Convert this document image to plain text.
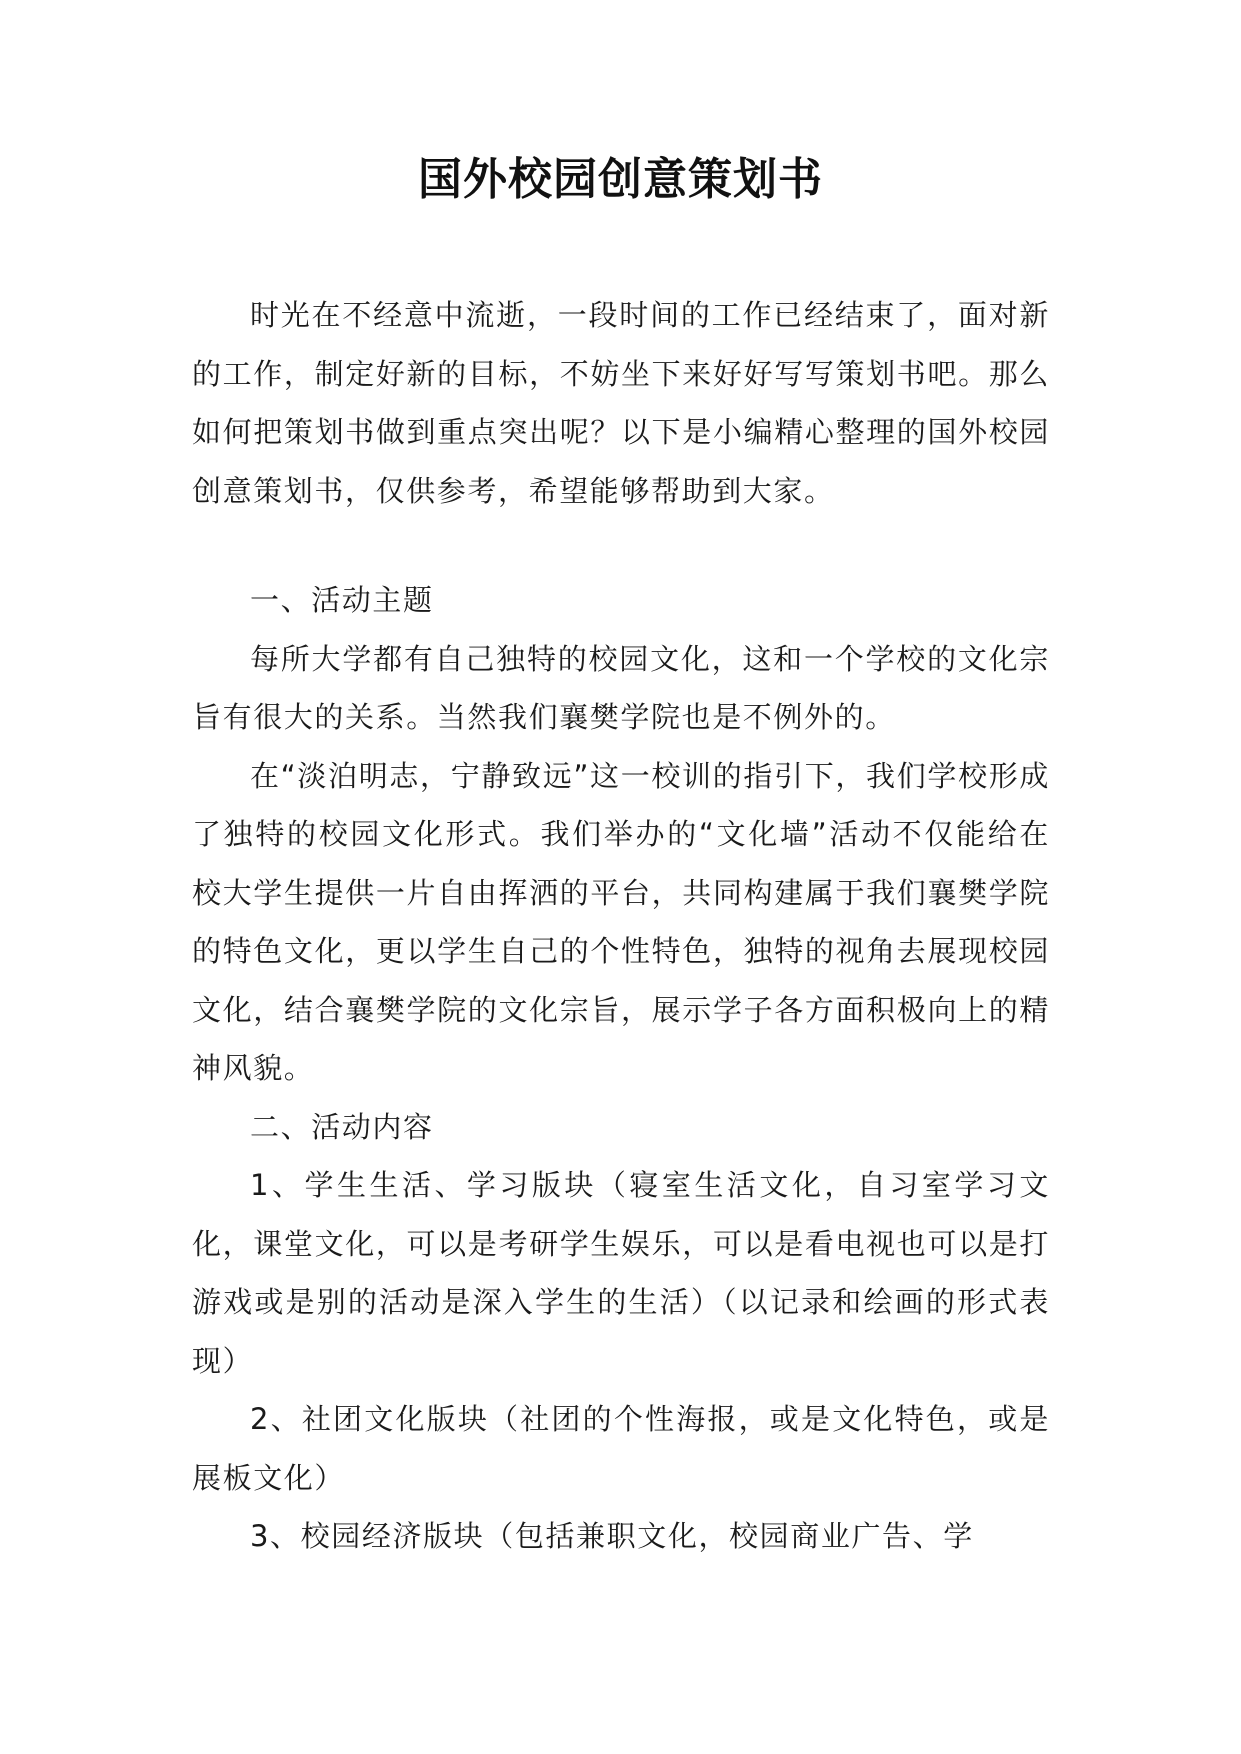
国外校园创意策划书

时光在不经意中流逝，一段时间的工作已经结束了，面对新的工作，制定好新的目标，不妨坐下来好好写写策划书吧。那么如何把策划书做到重点突出呢？以下是小编精心整理的国外校园创意策划书，仅供参考，希望能够帮助到大家。

一、活动主题

每所大学都有自己独特的校园文化，这和一个学校的文化宗旨有很大的关系。当然我们襄樊学院也是不例外的。

在“淡泊明志，宁静致远”这一校训的指引下，我们学校形成了独特的校园文化形式。我们举办的“文化墙”活动不仅能给在校大学生提供一片自由挥洒的平台，共同构建属于我们襄樊学院的特色文化，更以学生自己的个性特色，独特的视角去展现校园文化，结合襄樊学院的文化宗旨，展示学子各方面积极向上的精神风貌。

二、活动内容

1、学生生活、学习版块（寝室生活文化，自习室学习文化，课堂文化，可以是考研学生娱乐，可以是看电视也可以是打游戏或是别的活动是深入学生的生活）（以记录和绘画的形式表现）

2、社团文化版块（社团的个性海报，或是文化特色，或是展板文化）

3、校园经济版块（包括兼职文化，校园商业广告、学
